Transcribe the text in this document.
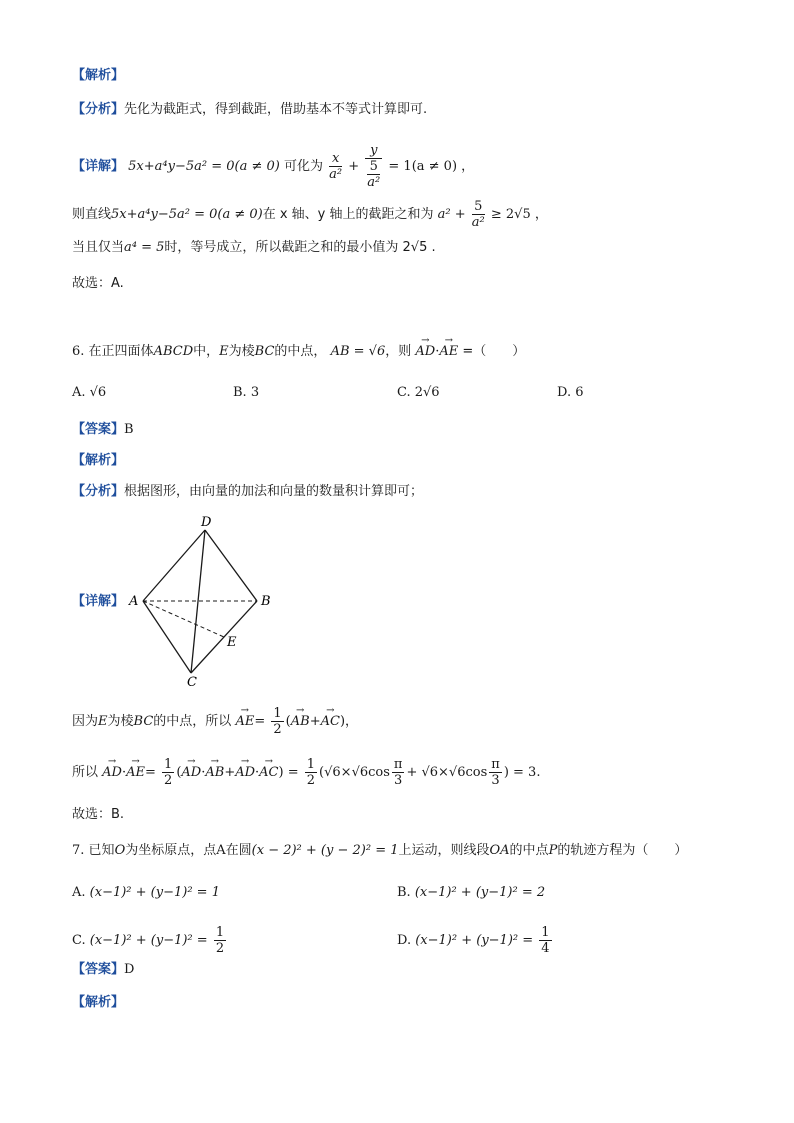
【解析】
【分析】先化为截距式，得到截距，借助基本不等式计算即可.
【详解】 5x+a⁴y−5a² = 0(a ≠ 0) 可化为 $\frac{x}{\text{a²}} + \frac{y}{\frac{5}{\text{a²}}} = 1(a \ne 0)$ ，
则直线5x+a⁴y−5a² = 0(a ≠ 0)在 x 轴、y 轴上的截距之和为 $a^2 + \frac{5}{\text{a²}} \ge 2√5$ ，
当且仅当a⁴ = 5时，等号成立，所以截距之和的最小值为 2√5 .
故选：A.
6. 在正四面体ABCD中，E为棱BC的中点， AB = √6，则 → AD·→ AE =（　　）
A. √6	B. 3	C. 2√6	D. 6
【答案】B
【解析】
【分析】根据图形，由向量的加法和向量的数量积计算即可；
【详解】
D
A	B
E
C
因为E为棱BC的中点，所以 → $AE= \frac{1}{2}$ (→ AB+→ AC)，
所以 → $AD\cdot\to AE= \frac{1}{2}$ (→ $AD\cdot\to AB+\to AD\cdot\to AC) = \frac{1}{2} (√6\times√6\cos \frac{\pi}{3} + √6\times√6\cos \frac{\pi}{3}$ ) = 3.
故选：B.
7. 已知O为坐标原点，点A在圆(x − 2)² + (y − 2)² = 1上运动，则线段OA的中点P的轨迹方程为（　　）
A. (x−1)² + (y−1)² = 1	B. (x−1)² + (y−1)² = 2
C. $(x-1)^2 + (y-1)^2 = \frac{1}{2}$	D. $(x-1)^2 + (y-1)^2 = \frac{1}{4}$
【答案】D
【解析】
